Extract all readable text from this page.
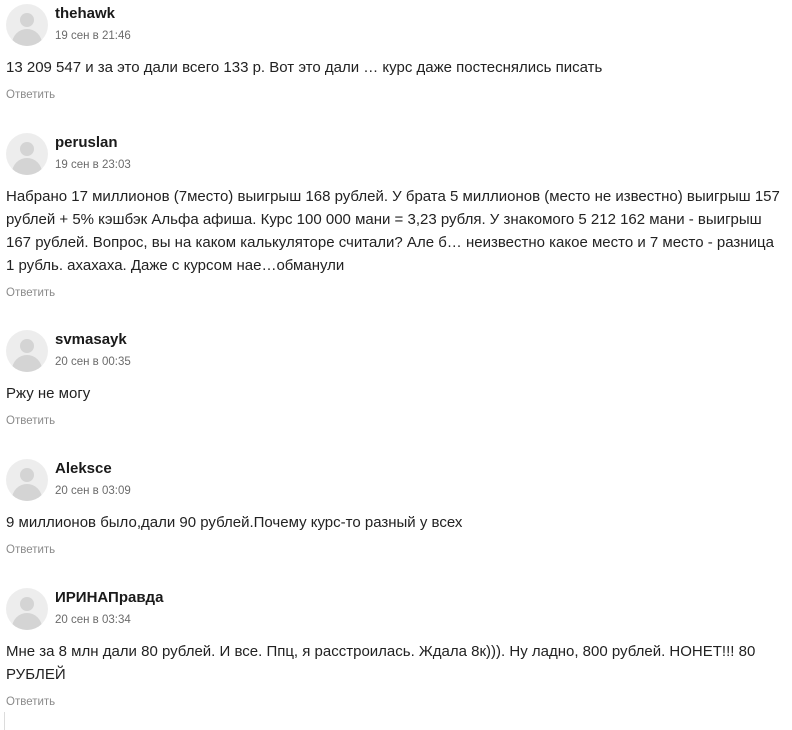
thehawk
19 сен в 21:46

13 209 547 и за это дали всего 133 р. Вот это дали … курс даже постеснялись писать

Ответить
peruslan
19 сен в 23:03

Набрано 17 миллионов (7место) выигрыш 168 рублей. У брата 5 миллионов (место не известно) выигрыш 157 рублей + 5% кэшбэк Альфа афиша. Курс 100 000 мани = 3,23 рубля. У знакомого 5 212 162 мани - выигрыш 167 рублей. Вопрос, вы на каком калькуляторе считали? Але б… неизвестно какое место и 7 место - разница 1 рубль. ахахаха. Даже с курсом нае…обманули

Ответить
svmasayk
20 сен в 00:35

Ржу не могу

Ответить
Alekscе
20 сен в 03:09

9 миллионов было,дали 90 рублей.Почему курс-то разный у всех

Ответить
ИРИНАПравда
20 сен в 03:34

Мне за 8 млн дали 80 рублей. И все. Ппц, я расстроилась. Ждала 8к))). Ну ладно, 800 рублей. НОНЕТ!!! 80 РУБЛЕЙ

Ответить
